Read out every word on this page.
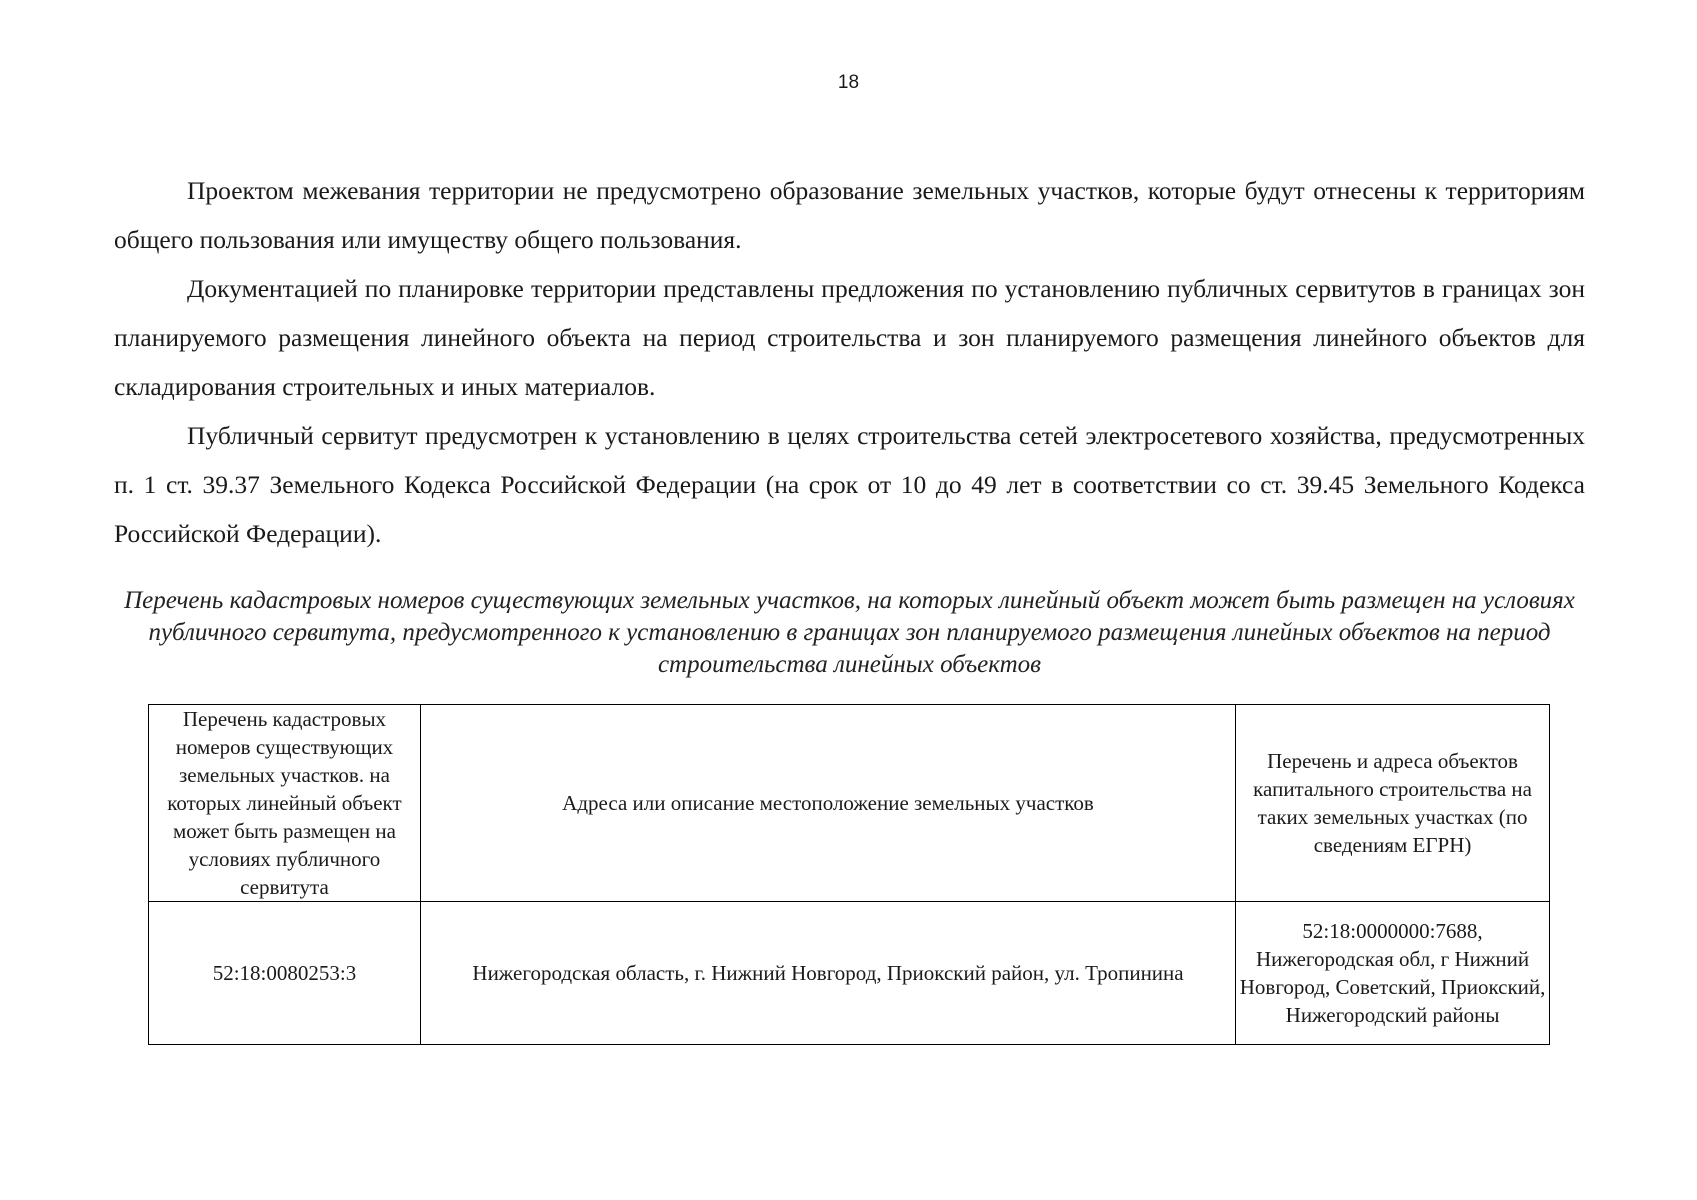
18

Проектом межевания территории не предусмотрено образование земельных участков, которые будут отнесены к территориям общего пользования или имуществу общего пользования.

Документацией по планировке территории представлены предложения по установлению публичных сервитутов в границах зон планируемого размещения линейного объекта на период строительства и зон планируемого размещения линейного объектов для складирования строительных и иных материалов.

Публичный сервитут предусмотрен к установлению в целях строительства сетей электросетевого хозяйства, предусмотренных п. 1 ст. 39.37 Земельного Кодекса Российской Федерации (на срок от 10 до 49 лет в соответствии со ст. 39.45 Земельного Кодекса Российской Федерации).

Перечень кадастровых номеров существующих земельных участков, на которых линейный объект может быть размещен на условиях публичного сервитута, предусмотренного к установлению в границах зон планируемого размещения линейных объектов на период строительства линейных объектов

Перечень кадастровых номеров существующих земельных участков. на которых линейный объект может быть размещен на условиях публичного сервитута	Адреса или описание местоположение земельных участков	Перечень и адреса объектов капитального строительства на таких земельных участках (по сведениям ЕГРН)
52:18:0080253:3	Нижегородская область, г. Нижний Новгород, Приокский район, ул. Тропинина	52:18:0000000:7688, Нижегородская обл, г Нижний Новгород, Советский, Приокский, Нижегородский районы
